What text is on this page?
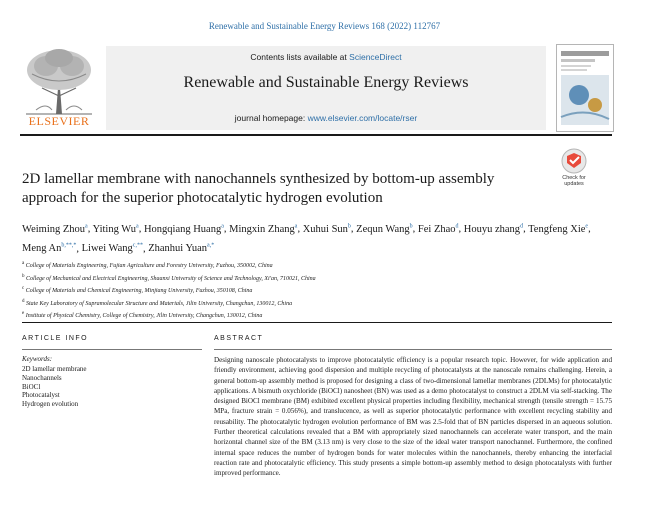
Renewable and Sustainable Energy Reviews 168 (2022) 112767
ELSEVIER
Contents lists available at ScienceDirect
Renewable and Sustainable Energy Reviews
journal homepage: www.elsevier.com/locate/rser
2D lamellar membrane with nanochannels synthesized by bottom-up assembly approach for the superior photocatalytic hydrogen evolution
Check for updates
Weiming Zhou$^a$, Yiting Wu$^a$, Hongqiang Huang$^a$, Mingxin Zhang$^a$, Xuhui Sun$^b$, Zequn Wang$^b$, Fei Zhao$^d$, Houyu zhang$^d$, Tengfeng Xie$^e$, Meng $An^{b,**,*}$, Liwei Wang$^{c,**}$, Zhanhui Yuan$^{a,*}$
$^a$ College of Materials Engineering, Fujian Agriculture and Forestry University, Fuzhou, 350002, China
$^b$ College of Mechanical and Electrical Engineering, Shaanxi University of Science and Technology, Xi'an, 710021, China
$^c$ College of Materials and Chemical Engineering, Minjiang University, Fuzhou, 350108, China
$^d$ State Key Laboratory of Supramolecular Structure and Materials, Jilin University, Changchun, 130012, China
$^e$ Institute of Physical Chemistry, College of Chemistry, Jilin University, Changchun, 130012, China
ARTICLE INFO
Keywords:
2D lamellar membrane
Nanochannels
BiOCl
Photocatalyst
Hydrogen evolution
ABSTRACT
Designing nanoscale photocatalysts to improve photocatalytic efficiency is a popular research topic. However, for wide application and friendly environment, achieving good dispersion and multiple recycling of photocatalysts at the nanoscale remains challenging. Herein, a general bottom-up assembly method is proposed for designing a class of two-dimensional lamellar membranes (2DLMs) for photocatalytic applications. A bismuth oxychloride (BiOCl) nanosheet (BN) was used as a demo photocatalyst to construct a 2DLM via self-stacking. The designed BiOCl membrane (BM) exhibited excellent physical properties including flexibility, mechanical strength (tensile strength = 15.75 MPa, fracture strain = 0.056%), and translucence, as well as superior photocatalytic performance with excellent recycling stability and reusability. The photocatalytic hydrogen evolution performance of BM was 2.5-fold that of BN particles dispersed in an aqueous solution. Further theoretical calculations revealed that a BM with appropriately sized nanochannels can accelerate water transport, and the main horizontal channel size of the BM (3.13 nm) is very close to the size of the ideal water transport nanochannel. Furthermore, the confined internal space reduces the number of hydrogen bonds for water molecules within the nanochannels, thereby enhancing the interfacial reaction rate and photocatalytic efficiency. This study presents a simple bottom-up assembly method to design photocatalysts with further improved performance.
